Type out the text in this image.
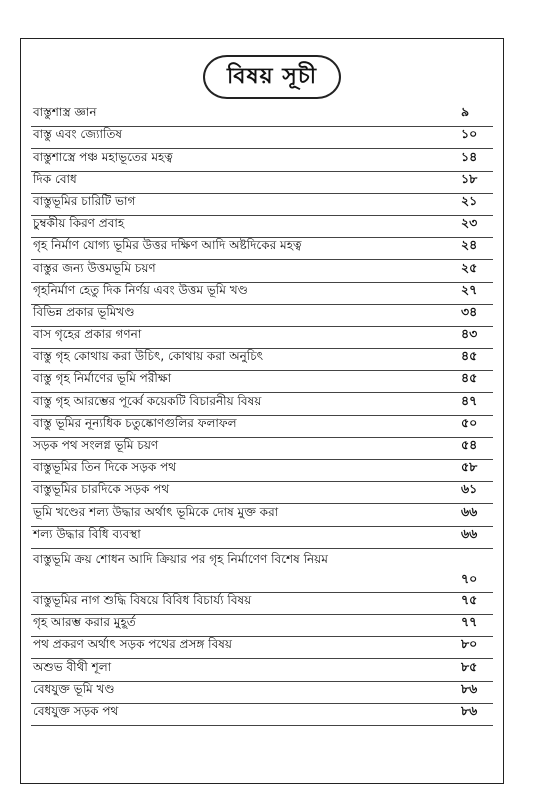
বিষয় সূচী
বাস্তুশাস্ত্র জ্ঞান	৯
বাস্তু এবং জ্যোতিষ	১০
বাস্তুশাস্ত্রে পঞ্চ মহাভূতের মহত্ব	১৪
দিক বোধ	১৮
বাস্তুভূমির চারিটি ভাগ	২১
চুম্বকীয় কিরণ প্রবাহ	২৩
গৃহ নির্মাণ যোগ্য ভূমির উত্তর দক্ষিণ আদি অষ্টদিকের মহত্ব	২৪
বাস্তুর জন্য উত্তমভূমি চয়ণ	২৫
গৃহনির্মাণ হেতু দিক নির্ণয় এবং উত্তম ভূমি খণ্ড	২৭
বিভিন্ন প্রকার ভূমিখণ্ড	৩৪
বাস গৃহের প্রকার গণনা	৪৩
বাস্তু গৃহ কোথায় করা উচিৎ, কোথায় করা অনুচিৎ	৪৫
বাস্তু গৃহ নির্মাণের ভূমি পরীক্ষা	৪৫
বাস্তু গৃহ আরম্ভের পূর্ব্বে কয়েকটি বিচারনীয় বিষয়	৪৭
বাস্তু ভূমির নূন্যধিক চতুষ্কোণগুলির ফলাফল	৫০
সড়ক পথ সংলগ্ন ভূমি চয়ণ	৫৪
বাস্তুভূমির তিন দিকে সড়ক পথ	৫৮
বাস্তুভূমির চারদিকে সড়ক পথ	৬১
ভূমি খণ্ডের শল্য উদ্ধার অর্থাৎ ভূমিকে দোষ মুক্ত করা	৬৬
শল্য উদ্ধার বিধি ব্যবস্থা	৬৬
বাস্তুভূমি ক্রয় শোধন আদি ক্রিয়ার পর গৃহ নির্মাণেণ বিশেষ নিয়ম
৭০
বাস্তুভূমির নাগ শুদ্ধি বিষয়ে বিবিধ বিচার্য্য বিষয়	৭৫
গৃহ আরম্ভ করার মুহূর্ত	৭৭
পথ প্রকরণ অর্থাৎ সড়ক পথের প্রসঙ্গ বিষয়	৮০
অশুভ বীথী শূলা	৮৫
বেধযুক্ত ভূমি খণ্ড	৮৬
বেধযুক্ত সড়ক পথ	৮৬
